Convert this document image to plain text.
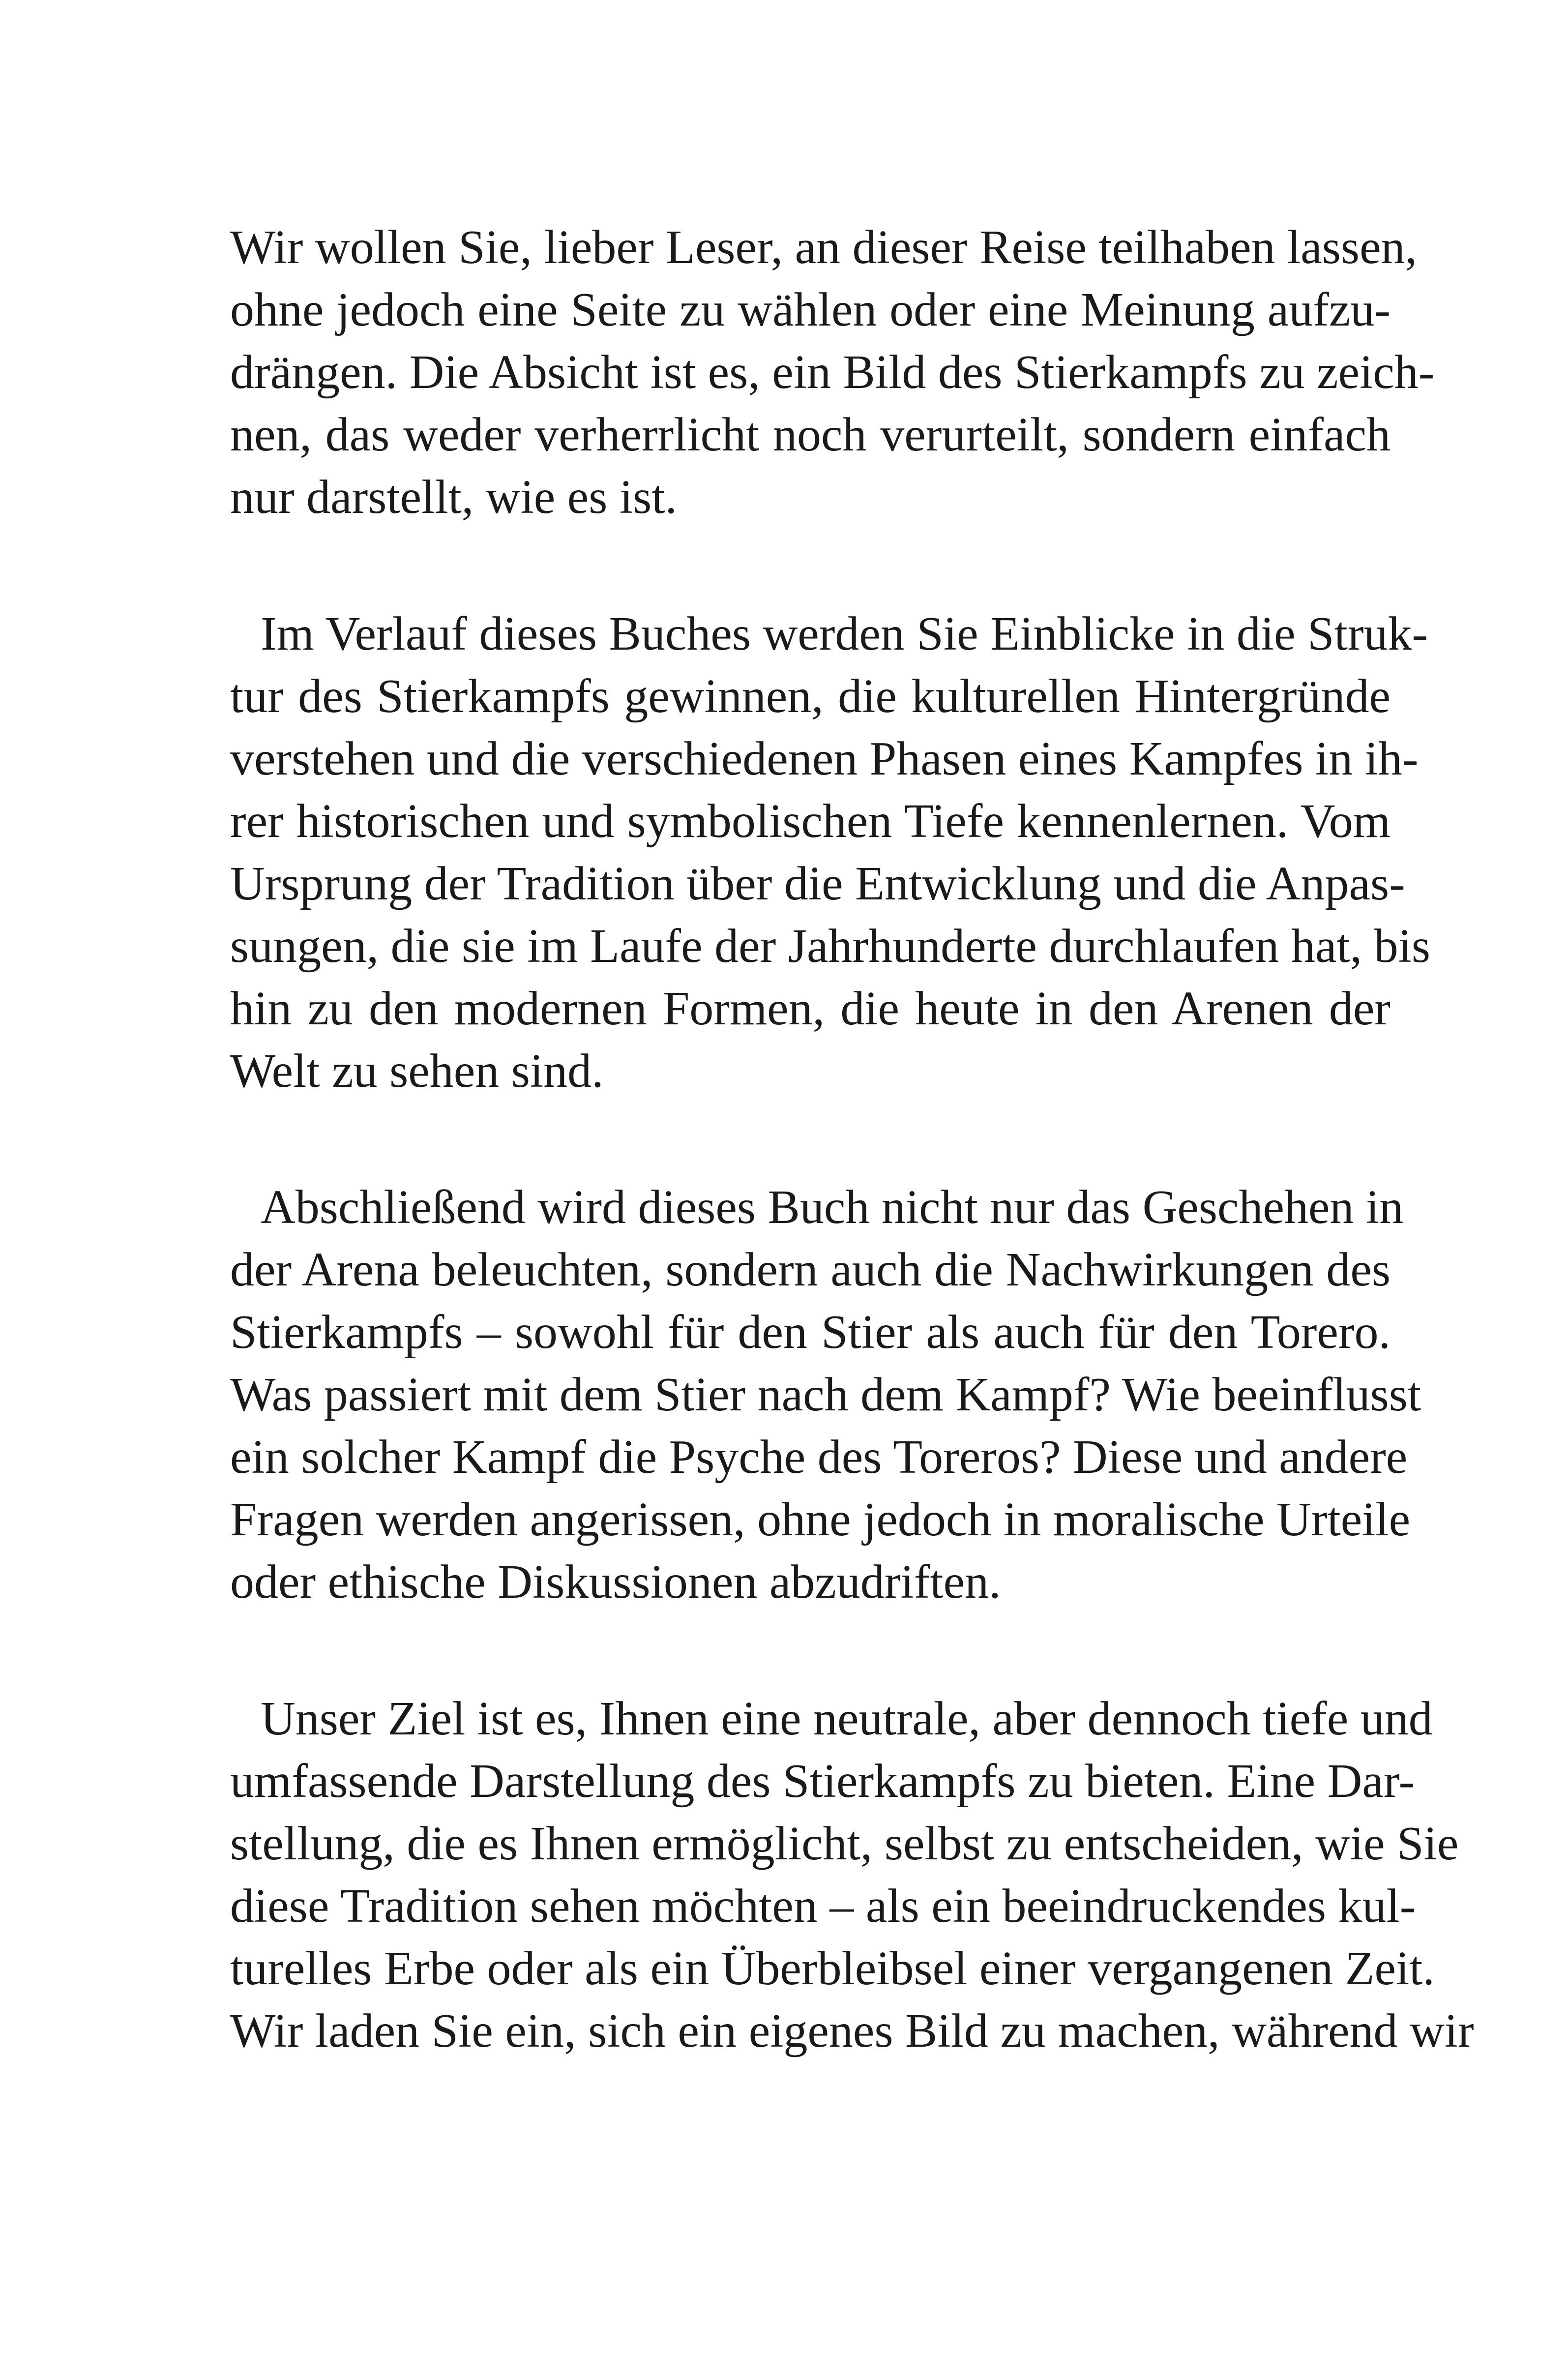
Wir wollen Sie, lieber Leser, an dieser Reise teilhaben lassen,
ohne jedoch eine Seite zu wählen oder eine Meinung aufzu-
drängen. Die Absicht ist es, ein Bild des Stierkampfs zu zeich-
nen, das weder verherrlicht noch verurteilt, sondern einfach
nur darstellt, wie es ist.
Im Verlauf dieses Buches werden Sie Einblicke in die Struk-
tur des Stierkampfs gewinnen, die kulturellen Hintergründe
verstehen und die verschiedenen Phasen eines Kampfes in ih-
rer historischen und symbolischen Tiefe kennenlernen. Vom
Ursprung der Tradition über die Entwicklung und die Anpas-
sungen, die sie im Laufe der Jahrhunderte durchlaufen hat, bis
hin zu den modernen Formen, die heute in den Arenen der
Welt zu sehen sind.
Abschließend wird dieses Buch nicht nur das Geschehen in
der Arena beleuchten, sondern auch die Nachwirkungen des
Stierkampfs – sowohl für den Stier als auch für den Torero.
Was passiert mit dem Stier nach dem Kampf? Wie beeinflusst
ein solcher Kampf die Psyche des Toreros? Diese und andere
Fragen werden angerissen, ohne jedoch in moralische Urteile
oder ethische Diskussionen abzudriften.
Unser Ziel ist es, Ihnen eine neutrale, aber dennoch tiefe und
umfassende Darstellung des Stierkampfs zu bieten. Eine Dar-
stellung, die es Ihnen ermöglicht, selbst zu entscheiden, wie Sie
diese Tradition sehen möchten – als ein beeindruckendes kul-
turelles Erbe oder als ein Überbleibsel einer vergangenen Zeit.
Wir laden Sie ein, sich ein eigenes Bild zu machen, während wir
